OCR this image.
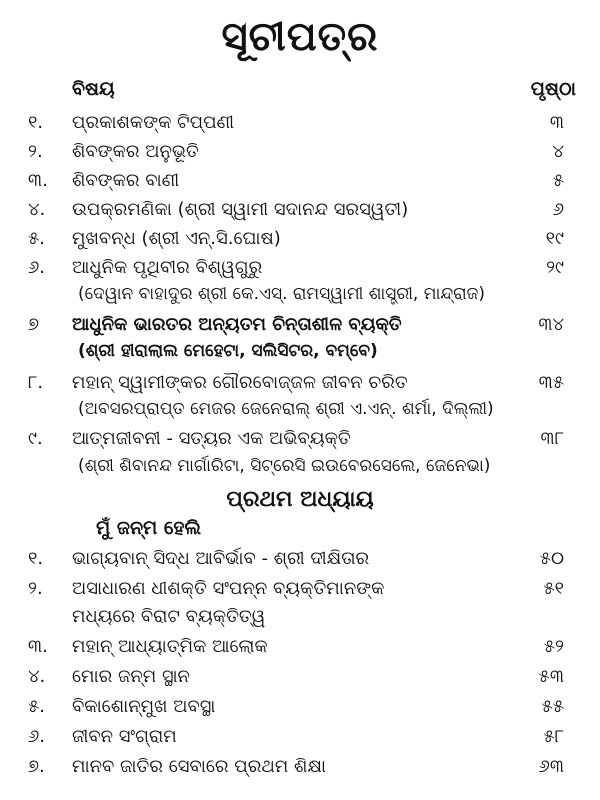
ସୂଚୀପତ୍ର
ବିଷୟ	ପୃଷ୍ଠା
୧. ପ୍ରକାଶକଙ୍କ ଟିପ୍ପଣୀ	୩
୨. ଶିବଙ୍କର ଅନୁଭୂତି	୪
୩. ଶିବଙ୍କର ବାଣୀ	୫
୪. ଉପକ୍ରମଣିକା (ଶ୍ରୀ ସ୍ୱାମୀ ସଦାନନ୍ଦ ସରସ୍ୱତୀ)	୬
୫. ମୁଖବନ୍ଧ (ଶ୍ରୀ ଏନ୍.ସି.ଘୋଷ)	୧୯
୬. ଆଧୁନିକ ପୃଥିବୀର ବିଶ୍ୱଗୁରୁ	୨୯
(ଦେୱାନ ବାହାଦୁର ଶ୍ରୀ କେ.ଏସ୍. ରାମସ୍ୱାମୀ ଶାସ୍ତ୍ରୀ, ମାନ୍ଦ୍ରାଜ)
୭ ଆଧୁନିକ ଭାରତର ଅନ୍ୟତମ ଚିନ୍ତାଶୀଳ ବ୍ୟକ୍ତି	୩୪
(ଶ୍ରୀ ହୀରାଲାଲ ମେହେଟା, ସଲିସିଟର, ବମ୍ବେ)
୮. ମହାନ୍ ସ୍ୱାମୀଙ୍କର ଗୌରବୋଜ୍ଜଳ ଜୀବନ ଚରିତ	୩୫
(ଅବସରପ୍ରାପ୍ତ ମେଜର ଜେନେରାଲ୍ ଶ୍ରୀ ଏ.ଏନ୍. ଶର୍ମା, ଦିଲ୍ଲୀ)
୯. ଆତ୍ମଜୀବନୀ - ସତ୍ୟର ଏକ ଅଭିବ୍ୟକ୍ତି	୩୮
(ଶ୍ରୀ ଶିବାନନ୍ଦ ମାର୍ଗାରିଟା, ସିଟ୍ରେସି ଇଉବେରସେଲେ, ଜେନେଭା)
ପ୍ରଥମ ଅଧ୍ୟାୟ
ମୁଁ ଜନ୍ମ ହେଲି
୧. ଭାଗ୍ୟବାନ୍ ସିଦ୍ଧ ଆବିର୍ଭାବ - ଶ୍ରୀ ଦୀକ୍ଷିତାର	୫୦
୨. ଅସାଧାରଣ ଧୀଶକ୍ତି ସଂପନ୍ନ ବ୍ୟକ୍ତିମାନଙ୍କ	୫୧
ମଧ୍ୟରେ ବିରାଟ ବ୍ୟକ୍ତିତ୍ୱ
୩. ମହାନ୍ ଆଧ୍ୟାତ୍ମିକ ଆଲୋକ	୫୨
୪. ମୋର ଜନ୍ମ ସ୍ଥାନ	୫୩
୫. ବିକାଶୋନ୍ମୁଖ ଅବସ୍ଥା	୫୫
୬. ଜୀବନ ସଂଗ୍ରାମ	୫୮
୭. ମାନବ ଜାତିର ସେବାରେ ପ୍ରଥମ ଶିକ୍ଷା	୬୩
